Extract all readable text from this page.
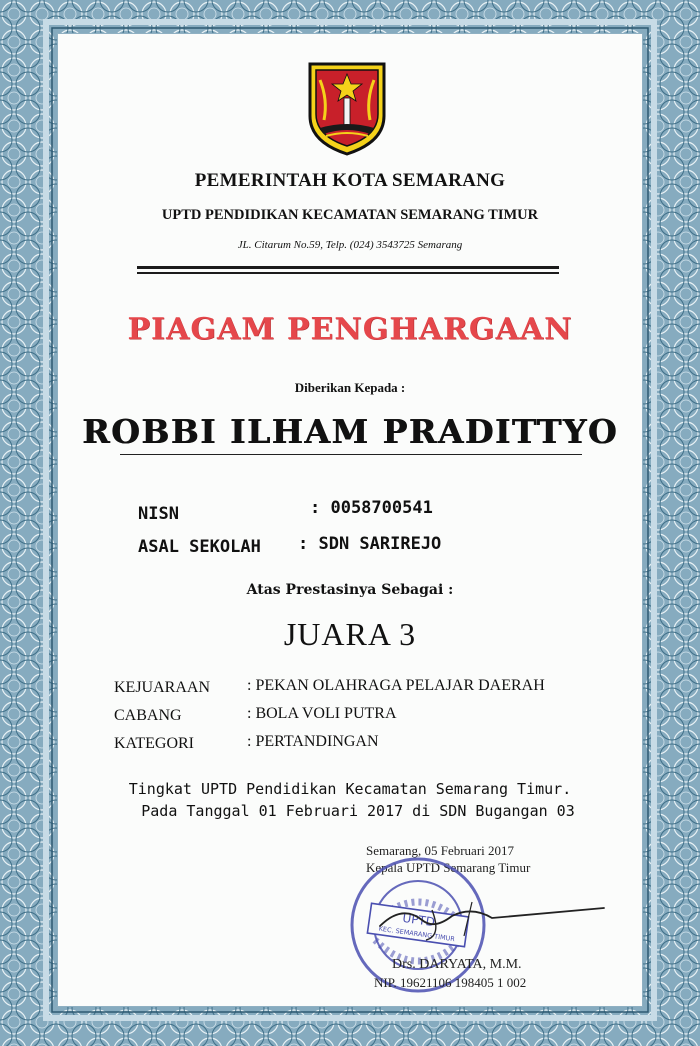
PEMERINTAH KOTA SEMARANG
UPTD PENDIDIKAN KECAMATAN SEMARANG TIMUR
JL. Citarum No.59, Telp. (024) 3543725 Semarang
PIAGAM PENGHARGAAN
Diberikan Kepada :
ROBBI ILHAM PRADITTYO
NISN	: 0058700541
ASAL SEKOLAH : SDN SARIREJO
Atas Prestasinya Sebagai :
JUARA 3
KEJUARAAN : PEKAN OLAHRAGA PELAJAR DAERAH
CABANG	: BOLA VOLI PUTRA
KATEGORI	: PERTANDINGAN
Tingkat UPTD Pendidikan Kecamatan Semarang Timur.
Pada Tanggal 01 Februari 2017 di SDN Bugangan 03
Semarang, 05 Februari 2017
Kepala UPTD Semarang Timur
UPTD
KEC. SEMARANG TIMUR
Drs. DARYATA, M.M.
NIP. 19621106 198405 1 002
